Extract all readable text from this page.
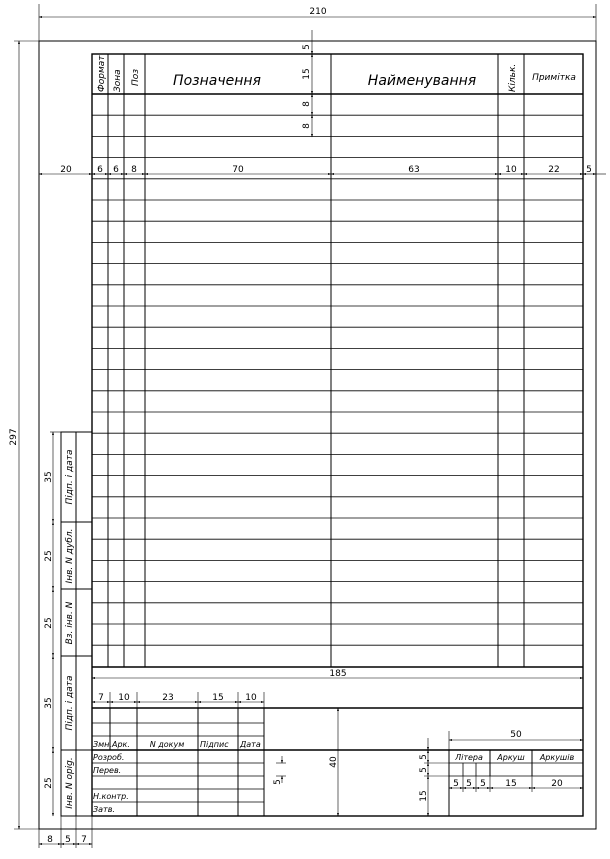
210
297
Формат Зона Поз Позначення	Найменування	Кільк. Примітка
5
15
8
8
20	6 6 8	70	63	10	22	5
Підп. і дата
Інв. N дубл.
Вз. інв. N
Підп. і дата
Інв. N орig.
35
25
25
35
25
8 5 7
185
7 10	23	15 10
Змн. Арк. N докум Підпис Дата
Розроб.
Перев.
Н.контр.
Затв.
5
40
50
Літера Аркуш Аркушів
5
5
15
5 5 5 15	20
